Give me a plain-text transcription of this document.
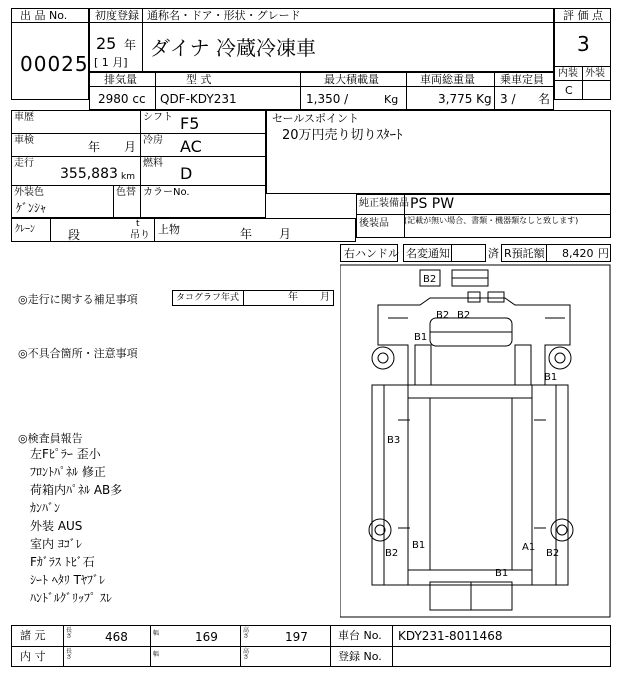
出 品 No.
00025
初度登録 通称名・ドア・形状・グレード
25 年
[ 1 月]
ダイナ 冷蔵冷凍車
評 価 点
3
内装 外装
C
排気量	型 式	最大積載量	車両総重量 乗車定員
2980 cc QDF-KDY231	1,350 /	Kg	3,775 Kg 3 / 名
車歴	シフト F5
車検	年 月 冷房 AC
走行
355,883 km
燃料
D
外装色
ｹﾞﾝｼｬ
色替 カラーNo.
セールスポイント
20万円売り切りｽﾀｰﾄ
純正装備品 PS PW
後装品 (記載が無い場合、書類・機器類なしと致します)
ｸﾚｰﾝ	段
t
吊り 上物	年 月
右ハンドル 名変通知	済 R預託額 8,420 円
◎走行に関する補足事項	タコグラフ年式	年 月
◎不具合箇所・注意事項
◎検査員報告
左Fﾋﾟﾗｰ 歪小
ﾌﾛﾝﾄﾊﾟﾈﾙ 修正
荷箱内ﾊﾟﾈﾙ AB多
ｶﾝﾊﾞﾝ
外装 AUS
室内 ﾖｺﾞﾚ
Fｶﾞﾗｽ ﾄﾋﾞ石
ｼｰﾄ ﾍﾀﾘ Tﾔﾌﾞﾚ
ﾊﾝﾄﾞﾙｸﾞﾘｯﾌﾟ ｽﾚ
B2
B2 B2
B1
B1
B3
B2
B1	A1
B2
B1
諸 元
内 寸
長さ	468	幅	169	高さ	197
長さ	幅	高さ
車台 No. KDY231-8011468
登録 No.
